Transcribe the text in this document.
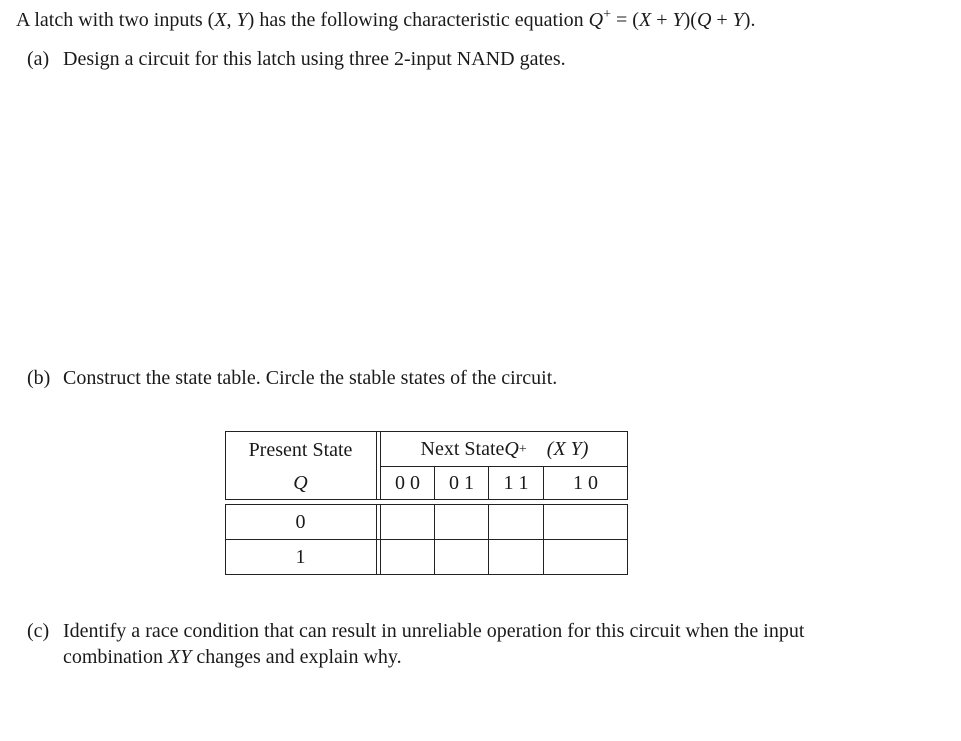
A latch with two inputs (X, Y) has the following characteristic equation Q+ = (X + Y)(Q + Y).
(a) Design a circuit for this latch using three 2-input NAND gates.
(b) Construct the state table. Circle the stable states of the circuit.
Present State
Q
Next State Q + (X Y)
0 0 0 1 1 1 1 0
0
1
(c) Identify a race condition that can result in unreliable operation for this circuit when the input
combination XY changes and explain why.
